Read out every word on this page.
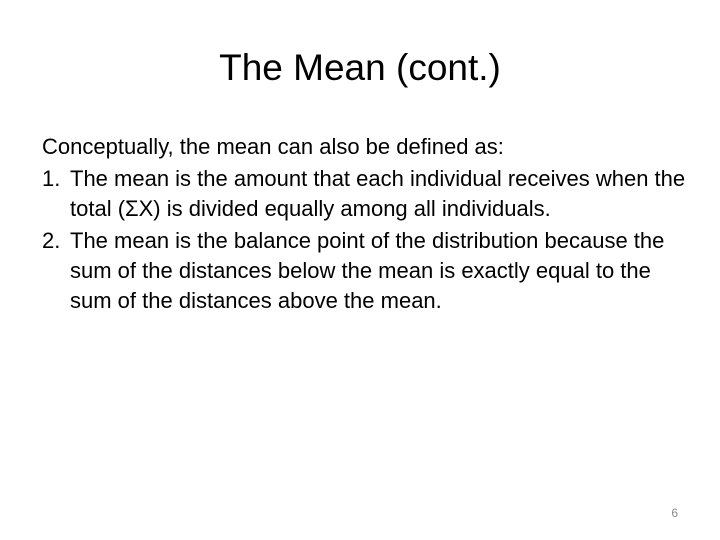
The Mean (cont.)

Conceptually, the mean can also be defined as:

1. The mean is the amount that each individual receives when the total (ΣX) is divided equally among all individuals.
2. The mean is the balance point of the distribution because the sum of the distances below the mean is exactly equal to the sum of the distances above the mean.
6
